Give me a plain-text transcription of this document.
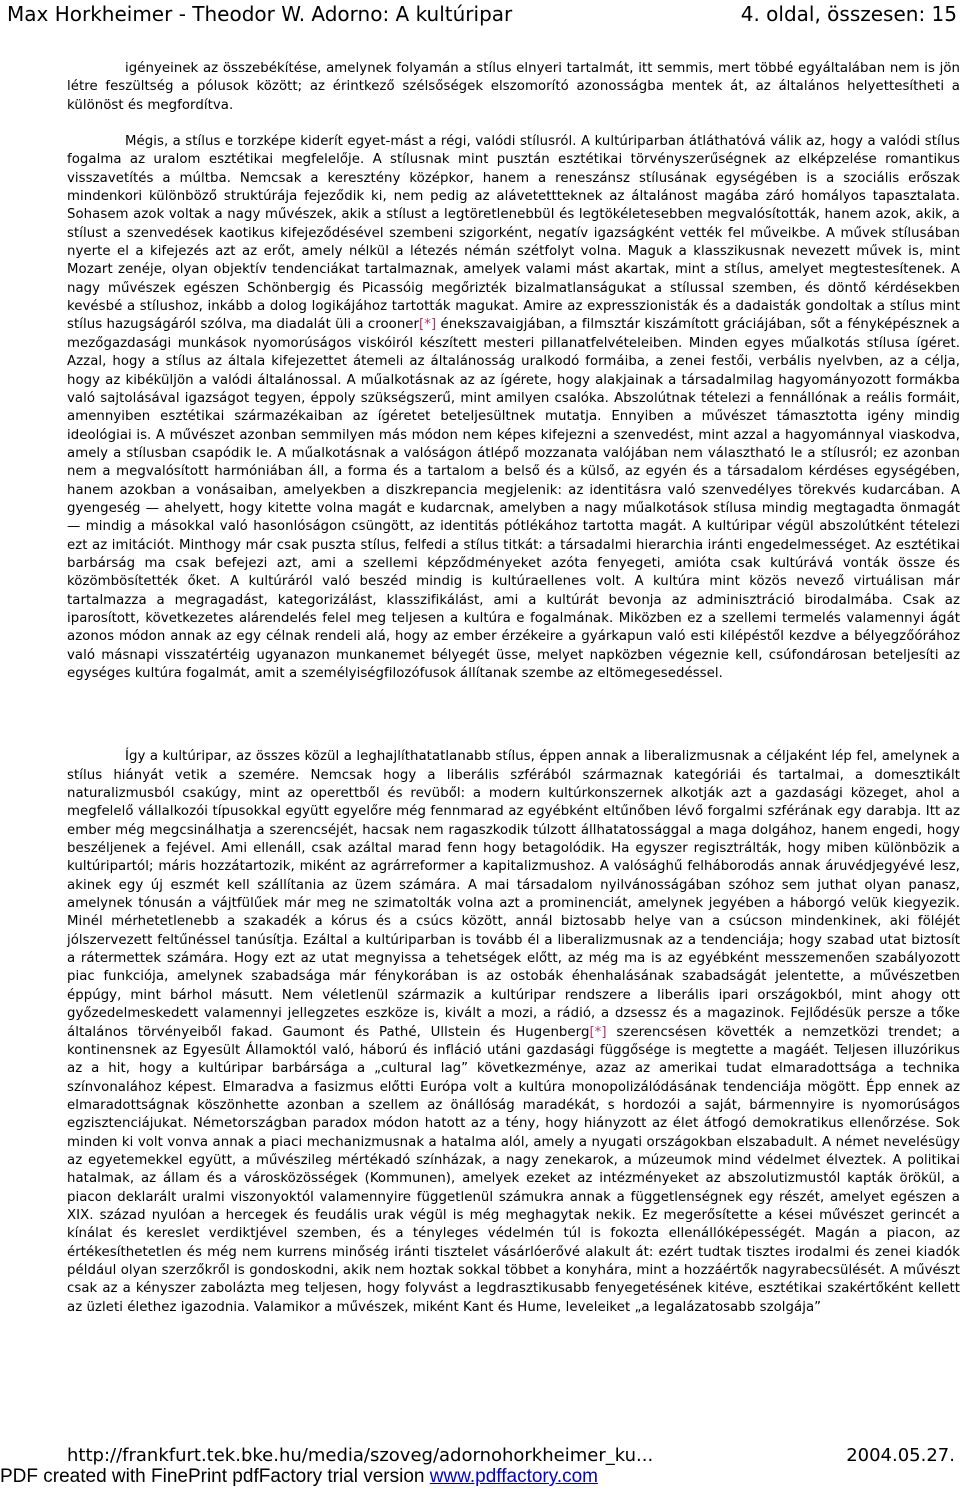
Max Horkheimer - Theodor W. Adorno: A kultúripar	4. oldal, összesen: 15

igényeinek az összebékítése, amelynek folyamán a stílus elnyeri tartalmát, itt semmis, mert többé egyáltalában nem is jön létre feszültség a pólusok között; az érintkező szélsőségek elszomorító azonosságba mentek át, az általános helyettesítheti a különöst és megfordítva.

Mégis, a stílus e torzképe kiderít egyet-mást a régi, valódi stílusról. A kultúriparban átláthatóvá válik az, hogy a valódi stílus fogalma az uralom esztétikai megfelelője. A stílusnak mint pusztán esztétikai törvényszerűségnek az elképzelése romantikus visszavetítés a múltba. Nemcsak a keresztény középkor, hanem a reneszánsz stílusának egységében is a szociális erőszak mindenkori különböző struktúrája fejeződik ki, nem pedig az alávetettteknek az általánost magába záró homályos tapasztalata. Sohasem azok voltak a nagy művészek, akik a stílust a legtöretlenebbül és legtökéletesebben megvalósították, hanem azok, akik, a stílust a szenvedések kaotikus kifejeződésével szembeni szigorként, negatív igazságként vették fel műveikbe. A művek stílusában nyerte el a kifejezés azt az erőt, amely nélkül a létezés némán szétfolyt volna. Maguk a klasszikusnak nevezett művek is, mint Mozart zenéje, olyan objektív tendenciákat tartalmaznak, amelyek valami mást akartak, mint a stílus, amelyet megtestesítenek. A nagy művészek egészen Schönbergig és Picassóig megőrizték bizalmatlanságukat a stílussal szemben, és döntő kérdésekben kevésbé a stílushoz, inkább a dolog logikájához tartották magukat. Amire az expresszionisták és a dadaisták gondoltak a stílus mint stílus hazugságáról szólva, ma diadalát üli a crooner[*] énekszavaigjában, a filmsztár kiszámított gráciájában, sőt a fényképésznek a mezőgazdasági munkások nyomorúságos viskóiról készített mesteri pillanatfelvételeiben. Minden egyes műalkotás stílusa ígéret. Azzal, hogy a stílus az általa kifejezettet átemeli az általánosság uralkodó formáiba, a zenei festői, verbális nyelvben, az a célja, hogy az kibéküljön a valódi általánossal. A műalkotásnak az az ígérete, hogy alakjainak a társadalmilag hagyományozott formákba való sajtolásával igazságot tegyen, éppoly szükségszerű, mint amilyen csalóka. Abszolútnak tételezi a fennállónak a reális formáit, amennyiben esztétikai származékaiban az ígéretet beteljesültnek mutatja. Ennyiben a művészet támasztotta igény mindig ideológiai is. A művészet azonban semmilyen más módon nem képes kifejezni a szenvedést, mint azzal a hagyománnyal viaskodva, amely a stílusban csapódik le. A műalkotásnak a valóságon átlépő mozzanata valójában nem választható le a stílusról; ez azonban nem a megvalósított harmóniában áll, a forma és a tartalom a belső és a külső, az egyén és a társadalom kérdéses egységében, hanem azokban a vonásaiban, amelyekben a diszkrepancia megjelenik: az identitásra való szenvedélyes törekvés kudarcában. A gyengeség — ahelyett, hogy kitette volna magát e kudarcnak, amelyben a nagy műalkotások stílusa mindig megtagadta önmagát — mindig a másokkal való hasonlóságon csüngött, az identitás pótlékához tartotta magát. A kultúripar végül abszolútként tételezi ezt az imitációt. Minthogy már csak puszta stílus, felfedi a stílus titkát: a társadalmi hierarchia iránti engedelmességet. Az esztétikai barbárság ma csak befejezi azt, ami a szellemi képződményeket azóta fenyegeti, amióta csak kultúrává vonták össze és közömbösítették őket. A kultúráról való beszéd mindig is kultúraellenes volt. A kultúra mint közös nevező virtuálisan már tartalmazza a megragadást, kategorizálást, klasszifikálást, ami a kultúrát bevonja az adminisztráció birodalmába. Csak az iparosított, következetes alárendelés felel meg teljesen a kultúra e fogalmának. Miközben ez a szellemi termelés valamennyi ágát azonos módon annak az egy célnak rendeli alá, hogy az ember érzékeire a gyárkapun való esti kilépéstől kezdve a bélyegzőórához való másnapi visszatértéig ugyanazon munkanemet bélyegét üsse, melyet napközben végeznie kell, csúfondárosan beteljesíti az egységes kultúra fogalmát, amit a személyiségfilozófusok állítanak szembe az eltömegesedéssel.

Így a kultúripar, az összes közül a leghajlíthatatlanabb stílus, éppen annak a liberalizmusnak a céljaként lép fel, amelynek a stílus hiányát vetik a szemére. Nemcsak hogy a liberális szférából származnak kategóriái és tartalmai, a domesztikált naturalizmusból csakúgy, mint az operettből és revüből: a modern kultúrkonszernek alkotják azt a gazdasági közeget, ahol a megfelelő vállalkozói típusokkal együtt egyelőre még fennmarad az egyébként eltűnőben lévő forgalmi szférának egy darabja. Itt az ember még megcsinálhatja a szerencséjét, hacsak nem ragaszkodik túlzott állhatatossággal a maga dolgához, hanem engedi, hogy beszéljenek a fejével. Ami ellenáll, csak azáltal marad fenn hogy betagolódik. Ha egyszer regisztrálták, hogy miben különbözik a kultúripartól; máris hozzátartozik, miként az agrárreformer a kapitalizmushoz. A valósághű felháborodás annak áruvédjegyévé lesz, akinek egy új eszmét kell szállítania az üzem számára. A mai társadalom nyilvánosságában szóhoz sem juthat olyan panasz, amelynek tónusán a vájtfülűek már meg ne szimatolták volna azt a prominenciát, amelynek jegyében a háborgó velük kiegyezik. Minél mérhetetlenebb a szakadék a kórus és a csúcs között, annál biztosabb helye van a csúcson mindenkinek, aki föléjét jólszervezett feltűnéssel tanúsítja. Ezáltal a kultúriparban is tovább él a liberalizmusnak az a tendenciája; hogy szabad utat biztosít a rátermettek számára. Hogy ezt az utat megnyissa a tehetségek előtt, az még ma is az egyébként messzemenően szabályozott piac funkciója, amelynek szabadsága már fénykorában is az ostobák éhenhalásának szabadságát jelentette, a művészetben éppúgy, mint bárhol másutt. Nem véletlenül származik a kultúripar rendszere a liberális ipari országokból, mint ahogy ott győzedelmeskedett valamennyi jellegzetes eszköze is, kivált a mozi, a rádió, a dzsessz és a magazinok. Fejlődésük persze a tőke általános törvényeiből fakad. Gaumont és Pathé, Ullstein és Hugenberg[*] szerencsésen követték a nemzetközi trendet; a kontinensnek az Egyesült Államoktól való, háború és infláció utáni gazdasági függősége is megtette a magáét. Teljesen illuzórikus az a hit, hogy a kultúripar barbársága a „cultural lag” következménye, azaz az amerikai tudat elmaradottsága a technika színvonalához képest. Elmaradva a fasizmus előtti Európa volt a kultúra monopolizálódásának tendenciája mögött. Épp ennek az elmaradottságnak köszönhette azonban a szellem az önállóság maradékát, s hordozói a saját, bármennyire is nyomorúságos egzisztenciájukat. Németországban paradox módon hatott az a tény, hogy hiányzott az élet átfogó demokratikus ellenőrzése. Sok minden ki volt vonva annak a piaci mechanizmusnak a hatalma alól, amely a nyugati országokban elszabadult. A német nevelésügy az egyetemekkel együtt, a művészileg mértékadó színházak, a nagy zenekarok, a múzeumok mind védelmet élveztek. A politikai hatalmak, az állam és a városközösségek (Kommunen), amelyek ezeket az intézményeket az abszolutizmustól kapták örökül, a piacon deklarált uralmi viszonyoktól valamennyire függetlenül számukra annak a függetlenségnek egy részét, amelyet egészen a XIX. század nyulóan a hercegek és feudális urak végül is még meghagytak nekik. Ez megerősítette a kései művészet gerincét a kínálat és kereslet verdiktjével szemben, és a tényleges védelmén túl is fokozta ellenállóképességét. Magán a piacon, az értékesíthetetlen és még nem kurrens minőség iránti tisztelet vásárlóerővé alakult át: ezért tudtak tisztes irodalmi és zenei kiadók például olyan szerzőkről is gondoskodni, akik nem hoztak sokkal többet a konyhára, mint a hozzáértők nagyrabecsülését. A művészt csak az a kényszer zabolázta meg teljesen, hogy folyvást a legdrasztikusabb fenyegetésének kitéve, esztétikai szakértőként kellett az üzleti élethez igazodnia. Valamikor a művészek, miként Kant és Hume, leveleiket „a legalázatosabb szolgája”

http://frankfurt.tek.bke.hu/media/szoveg/adornohorkheimer_ku...	2004.05.27.
PDF created with FinePrint pdfFactory trial version www.pdffactory.com
